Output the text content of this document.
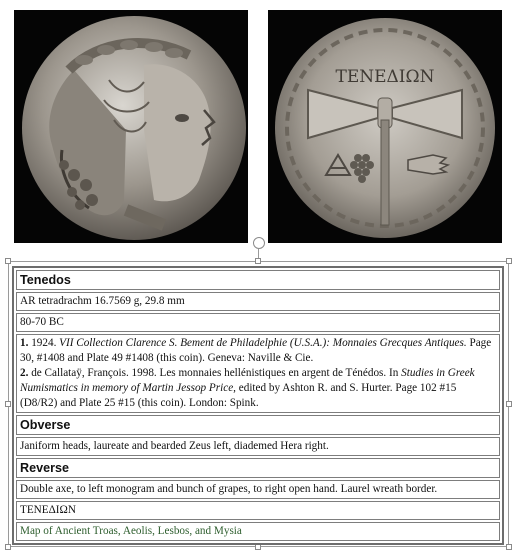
ΤΕΝΕΔΙΩΝ
Tenedos
AR tetradrachm 16.7569 g, 29.8 mm
80-70 BC
1. 1924. VII Collection Clarence S. Bement de Philadelphie (U.S.A.): Monnaies Grecques Antiques. Page 30, #1408 and Plate 49 #1408 (this coin). Geneva: Naville & Cie.
2. de Callataÿ, François. 1998. Les monnaies hellénistiques en argent de Ténédos. In Studies in Greek Numismatics in memory of Martin Jessop Price, edited by Ashton R. and S. Hurter. Page 102 #15 (D8/R2) and Plate 25 #15 (this coin). London: Spink.
Obverse
Janiform heads, laureate and bearded Zeus left, diademed Hera right.
Reverse
Double axe, to left monogram and bunch of grapes, to right open hand. Laurel wreath border.
ΤΕΝΕΔΙΩΝ
Map of Ancient Troas, Aeolis, Lesbos, and Mysia
